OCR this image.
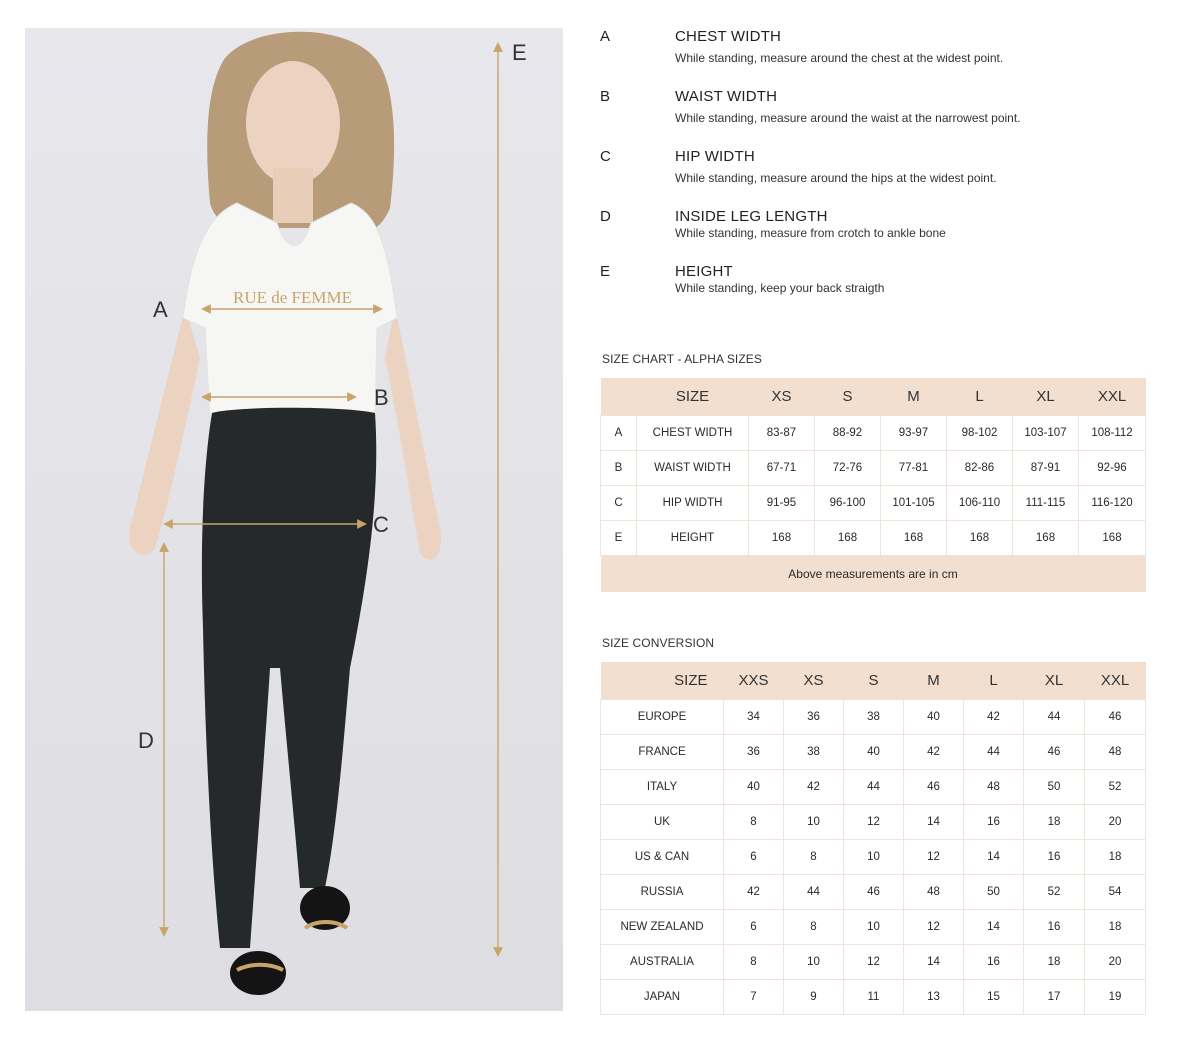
RUE de FEMME
A
B
C
D
E
A	CHEST WIDTH
While standing, measure around the chest at the widest point.
B	WAIST WIDTH
While standing, measure around the waist at the narrowest point.
C	HIP WIDTH
While standing, measure around the hips at the widest point.
D	INSIDE LEG LENGTH
While standing, measure from crotch to ankle bone
E	HEIGHT
While standing, keep your back straigth
SIZE CHART - ALPHA SIZES
	SIZE	XS	S	M	L	XL	XXL
A	CHEST WIDTH	83-87	88-92	93-97	98-102	103-107	108-112
B	WAIST WIDTH	67-71	72-76	77-81	82-86	87-91	92-96
C	HIP WIDTH	91-95	96-100	101-105	106-110	111-115	116-120
E	HEIGHT	168	168	168	168	168	168
Above measurements are in cm							
SIZE CONVERSION
SIZE	XXS	XS	S	M	L	XL	XXL
EUROPE	34	36	38	40	42	44	46
FRANCE	36	38	40	42	44	46	48
ITALY	40	42	44	46	48	50	52
UK	8	10	12	14	16	18	20
US & CAN	6	8	10	12	14	16	18
RUSSIA	42	44	46	48	50	52	54
NEW ZEALAND	6	8	10	12	14	16	18
AUSTRALIA	8	10	12	14	16	18	20
JAPAN	7	9	11	13	15	17	19
